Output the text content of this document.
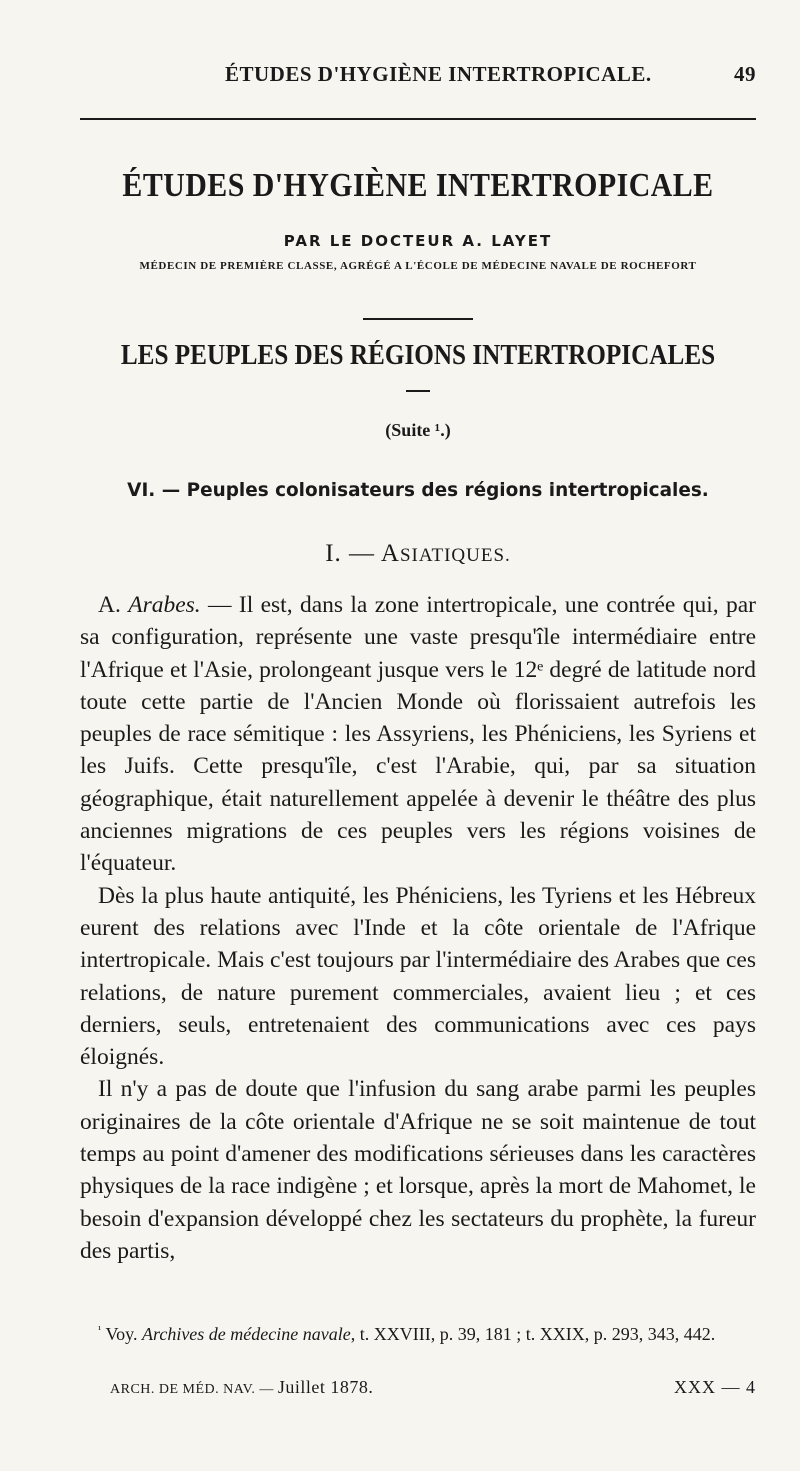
ÉTUDES D'HYGIÈNE INTERTROPICALE.	49
ÉTUDES D'HYGIÈNE INTERTROPICALE
PAR LE DOCTEUR A. LAYET
MÉDECIN DE PREMIÈRE CLASSE, AGRÉGÉ A L'ÉCOLE DE MÉDECINE NAVALE DE ROCHEFORT
LES PEUPLES DES RÉGIONS INTERTROPICALES
(Suite ¹.)
VI. — Peuples colonisateurs des régions intertropicales.
I. — ASIATIQUES.

A. Arabes. — Il est, dans la zone intertropicale, une contrée qui, par sa configuration, représente une vaste presqu'île intermédiaire entre l'Afrique et l'Asie, prolongeant jusque vers le 12ᵉ degré de latitude nord toute cette partie de l'Ancien Monde où florissaient autrefois les peuples de race sémitique : les Assyriens, les Phéniciens, les Syriens et les Juifs. Cette presqu'île, c'est l'Arabie, qui, par sa situation géographique, était naturellement appelée à devenir le théâtre des plus anciennes migrations de ces peuples vers les régions voisines de l'équateur.

Dès la plus haute antiquité, les Phéniciens, les Tyriens et les Hébreux eurent des relations avec l'Inde et la côte orientale de l'Afrique intertropicale. Mais c'est toujours par l'intermédiaire des Arabes que ces relations, de nature purement commerciales, avaient lieu ; et ces derniers, seuls, entretenaient des communications avec ces pays éloignés.

Il n'y a pas de doute que l'infusion du sang arabe parmi les peuples originaires de la côte orientale d'Afrique ne se soit maintenue de tout temps au point d'amener des modifications sérieuses dans les caractères physiques de la race indigène ; et lorsque, après la mort de Mahomet, le besoin d'expansion développé chez les sectateurs du prophète, la fureur des partis,

$^{^1}$ Voy. Archives de médecine navale, t. XXVIII, p. 39, 181 ; t. XXIX, p. 293, 343, 442.

ARCH. DE MÉD. NAV. — Juillet 1878.	XXX — 4
